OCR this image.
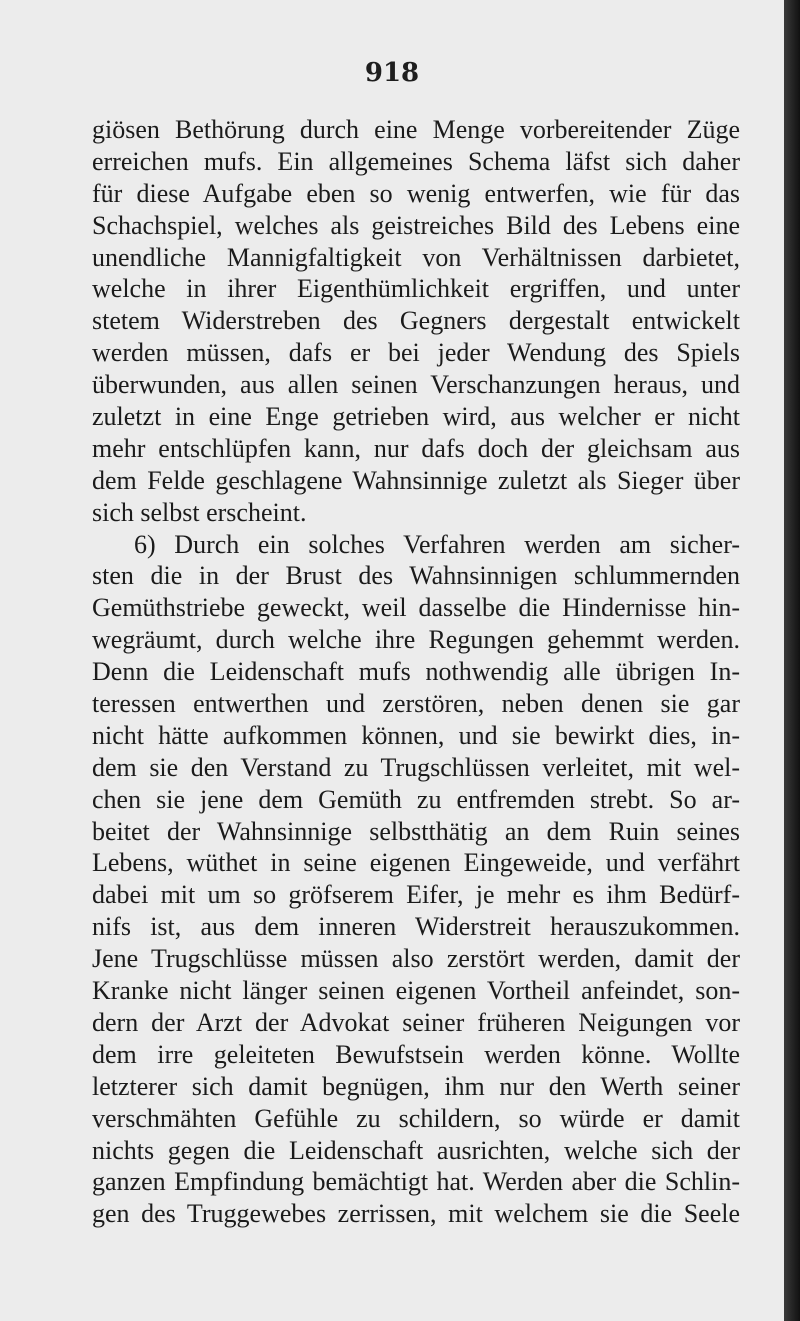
918
giösen Bethörung durch eine Menge vorbereitender Züge
erreichen mufs. Ein allgemeines Schema läfst sich daher
für diese Aufgabe eben so wenig entwerfen, wie für das
Schachspiel, welches als geistreiches Bild des Lebens eine
unendliche Mannigfaltigkeit von Verhältnissen darbietet,
welche in ihrer Eigenthümlichkeit ergriffen, und unter
stetem Widerstreben des Gegners dergestalt entwickelt
werden müssen, dafs er bei jeder Wendung des Spiels
überwunden, aus allen seinen Verschanzungen heraus, und
zuletzt in eine Enge getrieben wird, aus welcher er nicht
mehr entschlüpfen kann, nur dafs doch der gleichsam aus
dem Felde geschlagene Wahnsinnige zuletzt als Sieger über
sich selbst erscheint.
6) Durch ein solches Verfahren werden am sicher-
sten die in der Brust des Wahnsinnigen schlummernden
Gemüthstriebe geweckt, weil dasselbe die Hindernisse hin-
wegräumt, durch welche ihre Regungen gehemmt werden.
Denn die Leidenschaft mufs nothwendig alle übrigen In-
teressen entwerthen und zerstören, neben denen sie gar
nicht hätte aufkommen können, und sie bewirkt dies, in-
dem sie den Verstand zu Trugschlüssen verleitet, mit wel-
chen sie jene dem Gemüth zu entfremden strebt. So ar-
beitet der Wahnsinnige selbstthätig an dem Ruin seines
Lebens, wüthet in seine eigenen Eingeweide, und verfährt
dabei mit um so gröfserem Eifer, je mehr es ihm Bedürf-
nifs ist, aus dem inneren Widerstreit herauszukommen.
Jene Trugschlüsse müssen also zerstört werden, damit der
Kranke nicht länger seinen eigenen Vortheil anfeindet, son-
dern der Arzt der Advokat seiner früheren Neigungen vor
dem irre geleiteten Bewufstsein werden könne. Wollte
letzterer sich damit begnügen, ihm nur den Werth seiner
verschmähten Gefühle zu schildern, so würde er damit
nichts gegen die Leidenschaft ausrichten, welche sich der
ganzen Empfindung bemächtigt hat. Werden aber die Schlin-
gen des Truggewebes zerrissen, mit welchem sie die Seele
